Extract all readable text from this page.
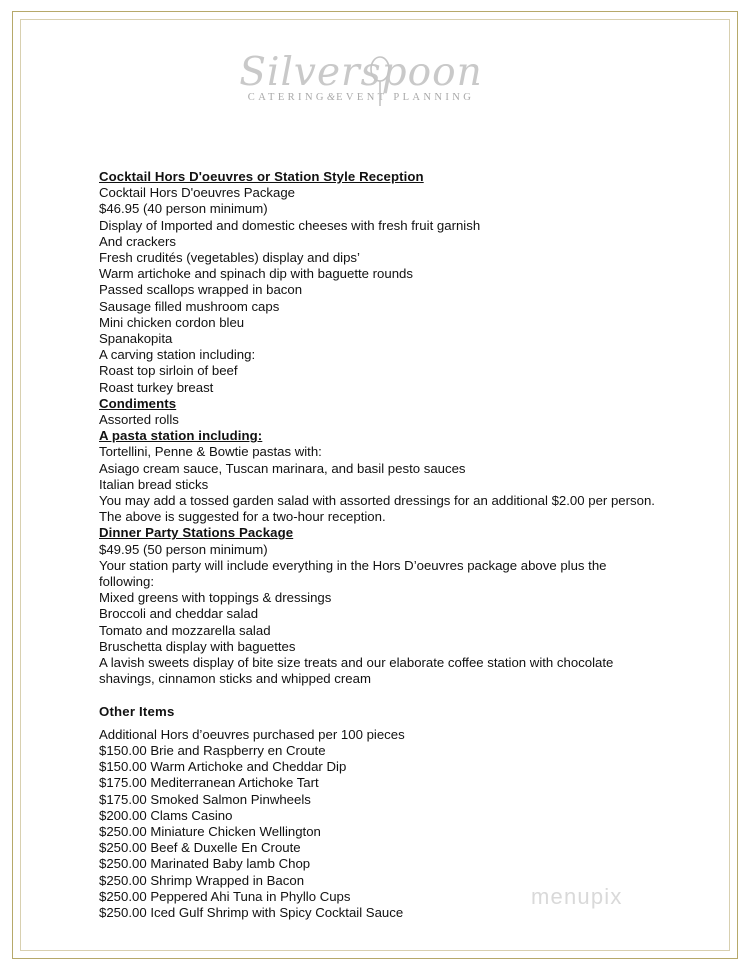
Silverspoon
CATERING&EVENT PLANNING
Cocktail Hors D'oeuvres or Station Style Reception
Cocktail Hors D'oeuvres Package
$46.95 (40 person minimum)
Display of Imported and domestic cheeses with fresh fruit garnish
And crackers
Fresh crudités (vegetables) display and dips’
Warm artichoke and spinach dip with baguette rounds
Passed scallops wrapped in bacon
Sausage filled mushroom caps
Mini chicken cordon bleu
Spanakopita
A carving station including:
Roast top sirloin of beef
Roast turkey breast
Condiments
Assorted rolls
A pasta station including:
Tortellini, Penne & Bowtie pastas with:
Asiago cream sauce, Tuscan marinara, and basil pesto sauces
Italian bread sticks
You may add a tossed garden salad with assorted dressings for an additional $2.00 per person.
The above is suggested for a two-hour reception.
Dinner Party Stations Package
$49.95 (50 person minimum)
Your station party will include everything in the Hors D’oeuvres package above plus the
following:
Mixed greens with toppings & dressings
Broccoli and cheddar salad
Tomato and mozzarella salad
Bruschetta display with baguettes
A lavish sweets display of bite size treats and our elaborate coffee station with chocolate
shavings, cinnamon sticks and whipped cream
Other Items
Additional Hors d’oeuvres purchased per 100 pieces
$150.00 Brie and Raspberry en Croute
$150.00 Warm Artichoke and Cheddar Dip
$175.00 Mediterranean Artichoke Tart
$175.00 Smoked Salmon Pinwheels
$200.00 Clams Casino
$250.00 Miniature Chicken Wellington
$250.00 Beef & Duxelle En Croute
$250.00 Marinated Baby lamb Chop
$250.00 Shrimp Wrapped in Bacon
$250.00 Peppered Ahi Tuna in Phyllo Cups
$250.00 Iced Gulf Shrimp with Spicy Cocktail Sauce
menupix
